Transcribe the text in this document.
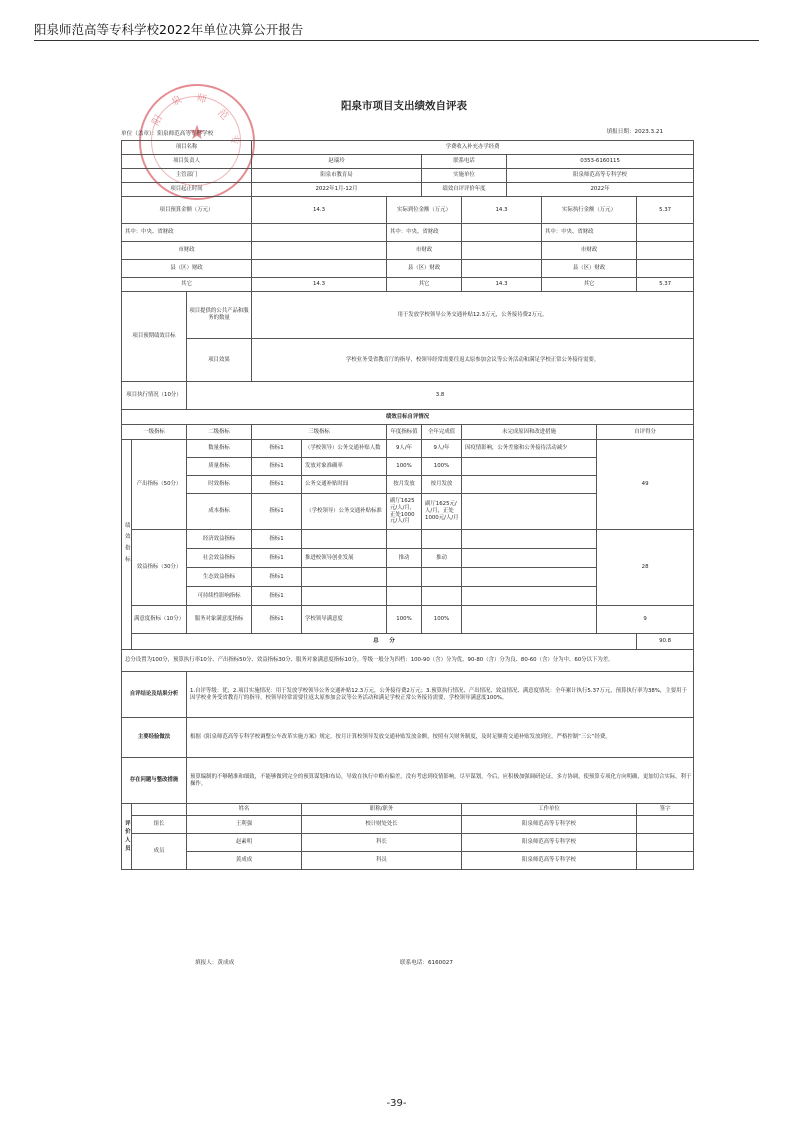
阳泉师范高等专科学校2022年单位决算公开报告
★
阳
泉 师
范
专
阳泉市项目支出绩效自评表
单位（盖章）：阳泉师范高等专科学校	填报日期：2023.3.21
项目名称			学费收入补充办学经费								
项目负责人			赵瑞玲			联系电话		0353-6160115			
主管部门			阳泉市教育局			实施单位		阳泉师范高等专科学校			
项目起止时间			2022年1月-12月			绩效自评评价年度		2022年			
项目预算金额（万元）			14.3		实际到位金额（万元）		14.3		实际执行金额（万元）		5.37
其中：中央、省财政					其中：中央、省财政				其中：中央、省财政		
市财政					市财政				市财政		
县（区）财政					县（区）财政				县（区）财政		
其它			14.3		其它		14.3		其它		5.37
项目预期绩效目标		项目提供的公共产品和服务的数量	用于发放学校领导公务交通补贴12.3万元，公务接待费2万元。								
		项目效果	学校业务受省教育厅的指导，校领导经常需要往返太原参加会议等公务活动和满足学校正常公务接待需要。								
项目执行情况（10分）		3.8									
绩效目标自评情况											
一级指标		二级指标	三级指标		年度指标值	全年完成值	未完成原因和改进措施			自评得分	
绩效指标	产出指标（50分）	数量指标	指标1	（学校领导）公务交通补贴人数	9人/年	9人/年	因疫情影响，公务差旅和公务接待活动减少			49	
		质量指标	指标1	发放对象准确率	100%	100%					
		时效指标	指标1	公务交通补贴时间	按月发放	按月发放					
		成本指标	指标1	（学校领导）公务交通补贴标准	副厅1625元/人/月，正处1000元/人/月	副厅1625元/人/月，正处1000元/人/月					
	效益指标（30分）	经济效益指标	指标1							28	
		社会效益指标	指标1	推进校领导创业发展	推动	推动					
		生态效益指标	指标1								
		可持续性影响指标	指标1								
	满意度指标（10分）	服务对象满意度指标	指标1	学校领导满意度	100%	100%				9	
	总　　分										90.8
总分设置为100分，预算执行率10分、产出指标50分、效益指标30分、服务对象满意度指标10分。等级一般分为四档：100-90（含）分为优、90-80（含）分为良、80-60（含）分为中、60分以下为差。											
自评结论及结果分析		1.自评等级：优；2.项目实施情况：用于发放学校领导公务交通补贴12.3万元，公务接待费2万元；3.预算执行情况、产出情况、效益情况、满意度情况：全年累计执行5.37万元，预算执行率为38%，主要用于因学校业务受省教育厅的指导，校领导经常需要往返太原参加会议等公务活动和满足学校正常公务接待需要，学校领导满意度100%。									
主要经验做法		根据《阳泉师范高等专科学校调整公车改革实施方案》规定，按月计算校领导发放交通补贴发放金额，按照有关财务制度，及时足额将交通补贴发放到位，严格控制“三公”经费。									
存在问题与整改措施		预算编制的不够精准和细致，不能够做到完全的预算谋划和布局，导致在执行中略有偏差，没有考虑到疫情影响，尽早谋划，今后，应积极加强调研论证，多方协调，使预算专项化方向明确，更加切合实际，利于操作。									
评价人员		姓名		职称/职务			工作单位				签字
	组长	王利强		校计财处处长			阳泉师范高等专科学校				
	成员	赵素明		科长			阳泉师范高等专科学校				
		黄成成		科员			阳泉师范高等专科学校				
填报人：黄成成	联系电话：6160027
-39-
